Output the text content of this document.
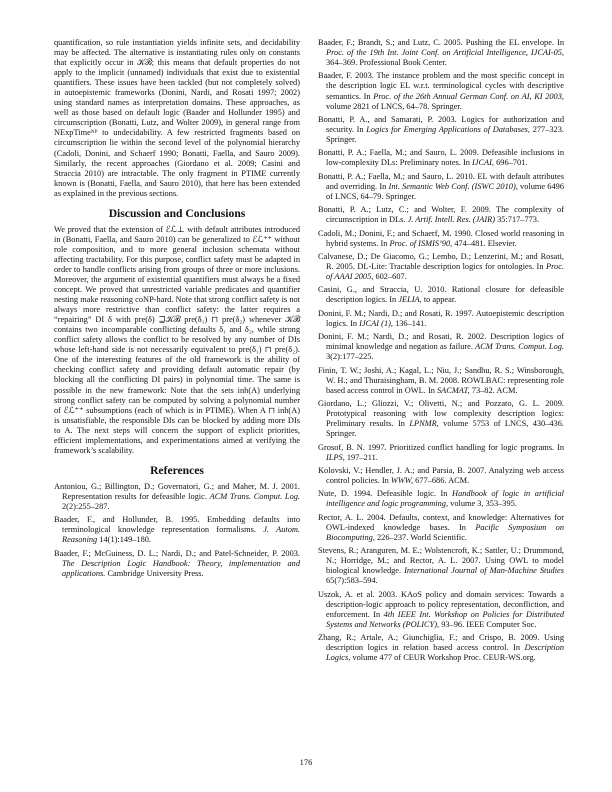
quantification, so rule instantiation yields infinite sets, and decidability may be affected. The alternative is instantiating rules only on constants that explicitly occur in 𝒦ℬ; this means that default properties do not apply to the implicit (unnamed) individuals that exist due to existential quantifiers. These issues have been tackled (but not completely solved) in autoepistemic frameworks (Donini, Nardi, and Rosati 1997; 2002) using standard names as interpretation domains. These approaches, as well as those based on default logic (Baader and Hollunder 1995) and circumscription (Bonatti, Lutz, and Wolter 2009), in general range from NExpTimeᴺᴾ to undecidability. A few restricted fragments based on circumscription lie within the second level of the polynomial hierarchy (Cadoli, Donini, and Schaerf 1990; Bonatti, Faella, and Sauro 2009). Similarly, the recent approaches (Giordano et al. 2009; Casini and Straccia 2010) are intractable. The only fragment in PTIME currently known is (Bonatti, Faella, and Sauro 2010), that here has been extended as explained in the previous sections.

Discussion and Conclusions

We proved that the extension of ℰℒ⊥ with default attributes introduced in (Bonatti, Faella, and Sauro 2010) can be generalized to ℰℒ⁺⁺ without role composition, and to more general inclusion schemata without affecting tractability. For this purpose, conflict safety must be adapted in order to handle conflicts arising from groups of three or more inclusions. Moreover, the argument of existential quantifiers must always be a fixed concept. We proved that unrestricted variable predicates and quantifier nesting make reasoning coNP-hard. Note that strong conflict safety is not always more restrictive than conflict safety: the latter requires a “repairing” DI δ with pre(δ) ⊒𝒦ℬ pre(δ₁) ⊓ pre(δ₂) whenever 𝒦ℬ contains two incomparable conflicting defaults δ₁ and δ₂, while strong conflict safety allows the conflict to be resolved by any number of DIs whose left-hand side is not necessarily equivalent to pre(δ₁) ⊓ pre(δ₂). One of the interesting features of the old framework is the ability of checking conflict safety and providing default automatic repair (by blocking all the conflicting DI pairs) in polynomial time. The same is possible in the new framework: Note that the sets inh(A) underlying strong conflict safety can be computed by solving a polynomial number of ℰℒ⁺⁺ subsumptions (each of which is in PTIME). When A ⊓ inh(A) is unsatisfiable, the responsible DIs can be blocked by adding more DIs to A. The next steps will concern the support of explicit priorities, efficient implementations, and experimentations aimed at verifying the framework’s scalability.

References
Antoniou, G.; Billington, D.; Governatori, G.; and Maher, M. J. 2001. Representation results for defeasible logic. ACM Trans. Comput. Log. 2(2):255–287.
Baader, F., and Hollunder, B. 1995. Embedding defaults into terminological knowledge representation formalisms. J. Autom. Reasoning 14(1):149–180.
Baader, F.; McGuiness, D. L.; Nardi, D.; and Patel-Schneider, P. 2003. The Description Logic Handbook: Theory, implementation and applications. Cambridge University Press.
Baader, F.; Brandt, S.; and Lutz, C. 2005. Pushing the EL envelope. In Proc. of the 19th Int. Joint Conf. on Artificial Intelligence, IJCAI-05, 364–369. Professional Book Center.
Baader, F. 2003. The instance problem and the most specific concept in the description logic EL w.r.t. terminological cycles with descriptive semantics. In Proc. of the 26th Annual German Conf. on AI, KI 2003, volume 2821 of LNCS, 64–78. Springer.
Bonatti, P. A., and Samarati, P. 2003. Logics for authorization and security. In Logics for Emerging Applications of Databases, 277–323. Springer.
Bonatti, P. A.; Faella, M.; and Sauro, L. 2009. Defeasible inclusions in low-complexity DLs: Preliminary notes. In IJCAI, 696–701.
Bonatti, P. A.; Faella, M.; and Sauro, L. 2010. EL with default attributes and overriding. In Int. Semantic Web Conf. (ISWC 2010), volume 6496 of LNCS, 64–79. Springer.
Bonatti, P. A.; Lutz, C.; and Wolter, F. 2009. The complexity of circumscription in DLs. J. Artif. Intell. Res. (JAIR) 35:717–773.
Cadoli, M.; Donini, F.; and Schaerf, M. 1990. Closed world reasoning in hybrid systems. In Proc. of ISMIS’90, 474–481. Elsevier.
Calvanese, D.; De Giacomo, G.; Lembo, D.; Lenzerini, M.; and Rosati, R. 2005. DL-Lite: Tractable description logics for ontologies. In Proc. of AAAI 2005, 602–607.
Casini, G., and Straccia, U. 2010. Rational closure for defeasible description logics. In JELIA, to appear.
Donini, F. M.; Nardi, D.; and Rosati, R. 1997. Autoepistemic description logics. In IJCAI (1), 136–141.
Donini, F. M.; Nardi, D.; and Rosati, R. 2002. Description logics of minimal knowledge and negation as failure. ACM Trans. Comput. Log. 3(2):177–225.
Finin, T. W.; Joshi, A.; Kagal, L.; Niu, J.; Sandhu, R. S.; Winsborough, W. H.; and Thuraisingham, B. M. 2008. ROWLBAC: representing role based access control in OWL. In SACMAT, 73–82. ACM.
Giordano, L.; Gliozzi, V.; Olivetti, N.; and Pozzato, G. L. 2009. Prototypical reasoning with low complexity description logics: Preliminary results. In LPNMR, volume 5753 of LNCS, 430–436. Springer.
Grosof, B. N. 1997. Prioritized conflict handling for logic programs. In ILPS, 197–211.
Kolovski, V.; Hendler, J. A.; and Parsia, B. 2007. Analyzing web access control policies. In WWW, 677–686. ACM.
Nute, D. 1994. Defeasible logic. In Handbook of logic in artificial intelligence and logic programming, volume 3, 353–395.
Rector, A. L. 2004. Defaults, context, and knowledge: Alternatives for OWL-indexed knowledge bases. In Pacific Symposium on Biocomputing, 226–237. World Scientific.
Stevens, R.; Aranguren, M. E.; Wolstencroft, K.; Sattler, U.; Drummond, N.; Horridge, M.; and Rector, A. L. 2007. Using OWL to model biological knowledge. International Journal of Man-Machine Studies 65(7):583–594.
Uszok, A. et al. 2003. KAoS policy and domain services: Towards a description-logic approach to policy representation, deconfliction, and enforcement. In 4th IEEE Int. Workshop on Policies for Distributed Systems and Networks (POLICY), 93–96. IEEE Computer Soc.
Zhang, R.; Artale, A.; Giunchiglia, F.; and Crispo, B. 2009. Using description logics in relation based access control. In Description Logics, volume 477 of CEUR Workshop Proc. CEUR-WS.org.
176
